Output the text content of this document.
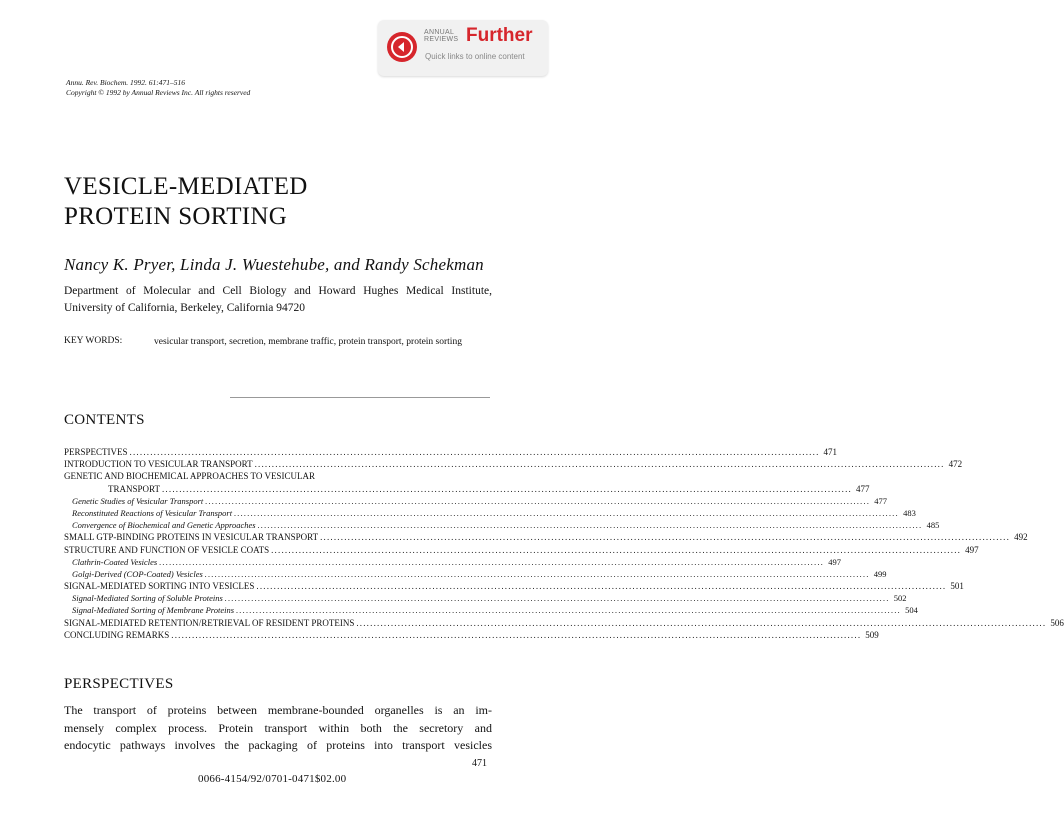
ANNUAL
REVIEWS Further
Quick links to online content
Annu. Rev. Biochem. 1992. 61:471–516
Copyright © 1992 by Annual Reviews Inc. All rights reserved
VESICLE-MEDIATED
PROTEIN SORTING
Nancy K. Pryer, Linda J. Wuestehube, and Randy Schekman
Department of Molecular and Cell Biology and Howard Hughes Medical Institute, University of California, Berkeley, California 94720
KEY WORDS:	vesicular transport, secretion, membrane traffic, protein transport, protein sorting
CONTENTS
PERSPECTIVES ........................................................................................................................................................................................................ 471
INTRODUCTION TO VESICULAR TRANSPORT ........................................................................................................................................................................................................ 472
GENETIC AND BIOCHEMICAL APPROACHES TO VESICULAR
TRANSPORT ........................................................................................................................................................................................................ 477
Genetic Studies of Vesicular Transport ........................................................................................................................................................................................................ 477
Reconstituted Reactions of Vesicular Transport ........................................................................................................................................................................................................ 483
Convergence of Biochemical and Genetic Approaches ........................................................................................................................................................................................................ 485
SMALL GTP-BINDING PROTEINS IN VESICULAR TRANSPORT ........................................................................................................................................................................................................ 492
STRUCTURE AND FUNCTION OF VESICLE COATS ........................................................................................................................................................................................................ 497
Clathrin-Coated Vesicles ........................................................................................................................................................................................................ 497
Golgi-Derived (COP-Coated) Vesicles ........................................................................................................................................................................................................ 499
SIGNAL-MEDIATED SORTING INTO VESICLES ........................................................................................................................................................................................................ 501
Signal-Mediated Sorting of Soluble Proteins ........................................................................................................................................................................................................ 502
Signal-Mediated Sorting of Membrane Proteins ........................................................................................................................................................................................................ 504
SIGNAL-MEDIATED RETENTION/RETRIEVAL OF RESIDENT PROTEINS ........................................................................................................................................................................................................ 506
CONCLUDING REMARKS ........................................................................................................................................................................................................ 509
PERSPECTIVES
The transport of proteins between membrane-bounded organelles is an im-
mensely complex process. Protein transport within both the secretory and
endocytic pathways involves the packaging of proteins into transport vesicles
471
0066-4154/92/0701-0471$02.00
